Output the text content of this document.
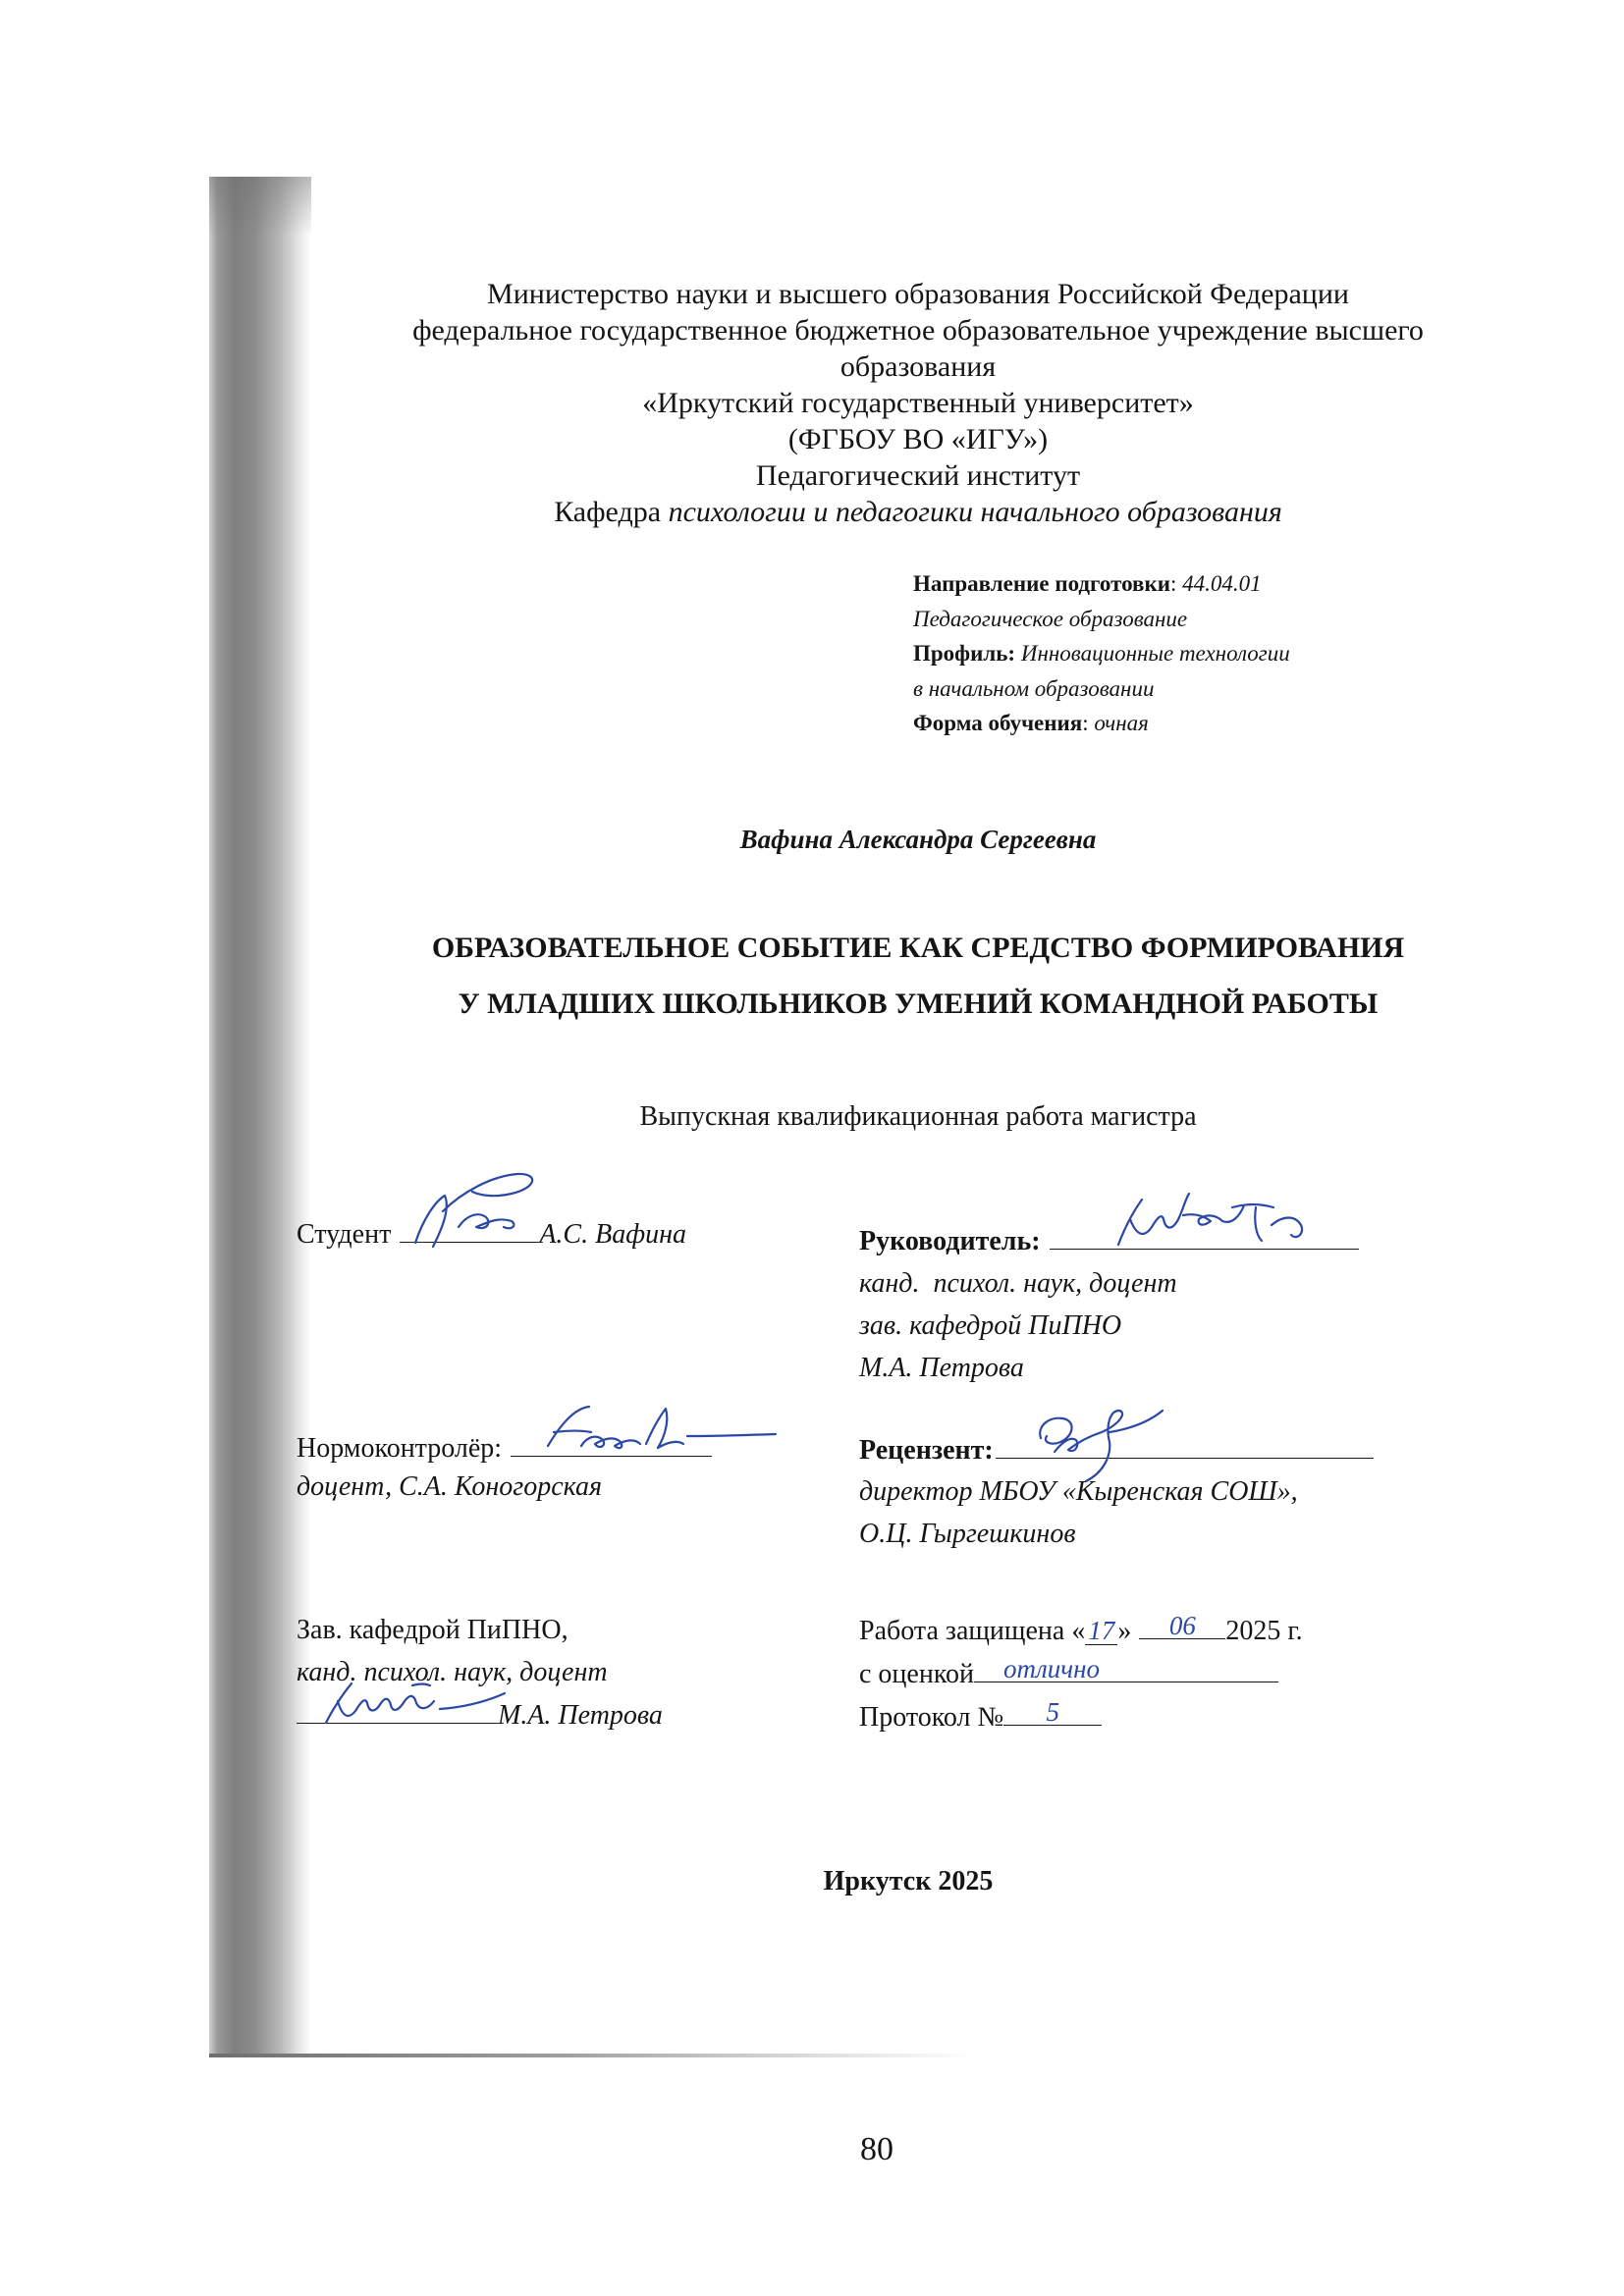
Министерство науки и высшего образования Российской Федерации
федеральное государственное бюджетное образовательное учреждение высшего
образования
«Иркутский государственный университет»
(ФГБОУ ВО «ИГУ»)
Педагогический институт
Кафедра психологии и педагогики начального образования
Направление подготовки: 44.04.01
Педагогическое образование
Профиль: Инновационные технологии
в начальном образовании
Форма обучения: очная
Вафина Александра Сергеевна
ОБРАЗОВАТЕЛЬНОЕ СОБЫТИЕ КАК СРЕДСТВО ФОРМИРОВАНИЯ
У МЛАДШИХ ШКОЛЬНИКОВ УМЕНИЙ КОМАНДНОЙ РАБОТЫ
Выпускная квалификационная работа магистра
Студент	А.С. Вафина
Нормоконтролёр:
доцент, С.А. Коногорская
Зав. кафедрой ПиПНО,
канд. психол. наук, доцент
М.А. Петрова
Руководитель:
канд.  психол. наук, доцент
зав. кафедрой ПиПНО
М.А. Петрова
Рецензент:
директор МБОУ «Кыренская СОШ»,
О.Ц. Гыргешкинов
Работа защищена « 17 »	06	2025 г.
с оценкой	отлично
Протокол №	5
Иркутск 2025
80
